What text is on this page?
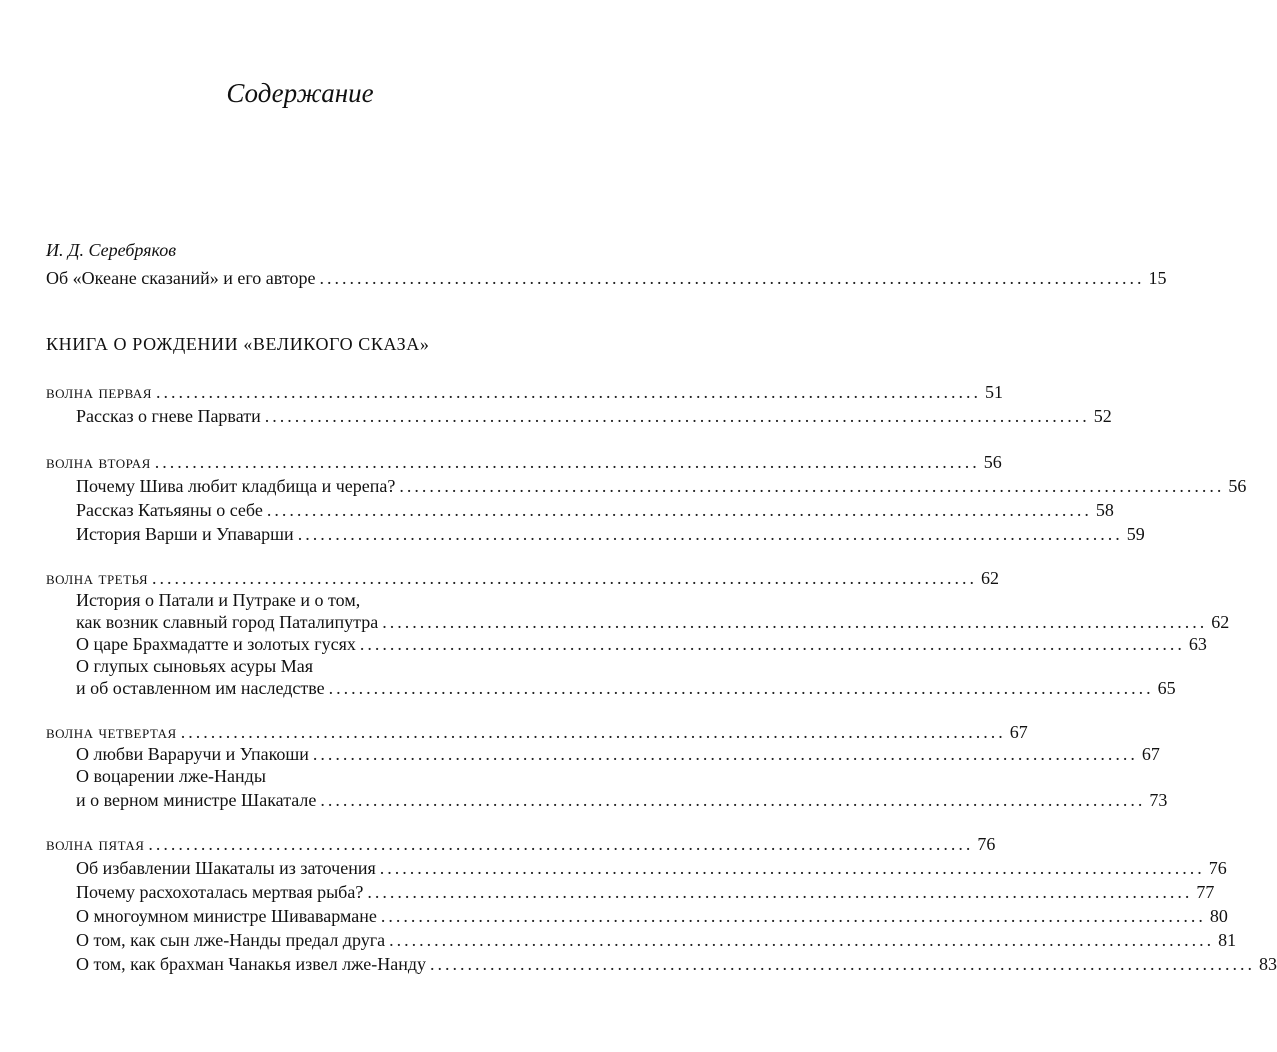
Содержание
И. Д. Серебряков
Об «Океане сказаний» и его авторе .............................................................................................................. 15
КНИГА О РОЖДЕНИИ «ВЕЛИКОГО СКАЗА»
волна первая .............................................................................................................. 51
Рассказ о гневе Парвати .............................................................................................................. 52
волна вторая .............................................................................................................. 56
Почему Шива любит кладбища и черепа? .............................................................................................................. 56
Рассказ Катьяяны о себе .............................................................................................................. 58
История Варши и Упаварши .............................................................................................................. 59
волна третья .............................................................................................................. 62
История о Патали и Путраке и о том,
как возник славный город Паталипутра .............................................................................................................. 62
О царе Брахмадатте и золотых гусях .............................................................................................................. 63
О глупых сыновьях асуры Мая
и об оставленном им наследстве .............................................................................................................. 65
волна четвертая .............................................................................................................. 67
О любви Варaручи и Упакоши .............................................................................................................. 67
О воцарении лже-Нанды
и о верном министре Шакатале .............................................................................................................. 73
волна пятая .............................................................................................................. 76
Об избавлении Шакаталы из заточения .............................................................................................................. 76
Почему расхохоталась мертвая рыба? .............................................................................................................. 77
О многоумном министре Шивавармане .............................................................................................................. 80
О том, как сын лже-Нанды предал друга .............................................................................................................. 81
О том, как брахман Чанакья извел лже-Нанду .............................................................................................................. 83
